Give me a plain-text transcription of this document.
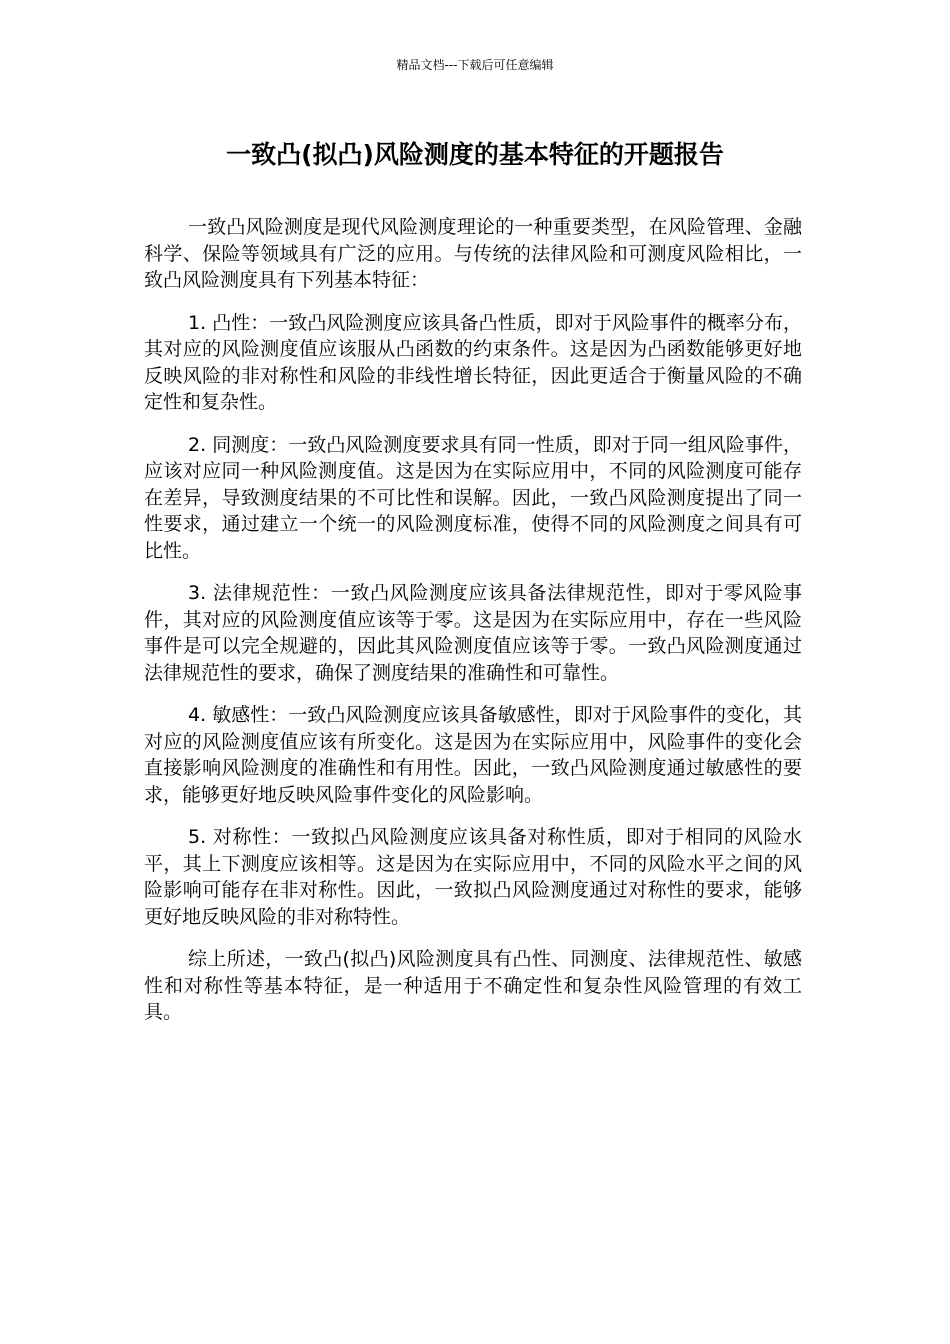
精品文档---下载后可任意编辑
一致凸(拟凸)风险测度的基本特征的开题报告

一致凸风险测度是现代风险测度理论的一种重要类型，在风险管理、金融科学、保险等领域具有广泛的应用。与传统的法律风险和可测度风险相比，一致凸风险测度具有下列基本特征：

1. 凸性：一致凸风险测度应该具备凸性质，即对于风险事件的概率分布，其对应的风险测度值应该服从凸函数的约束条件。这是因为凸函数能够更好地反映风险的非对称性和风险的非线性增长特征，因此更适合于衡量风险的不确定性和复杂性。

2. 同测度：一致凸风险测度要求具有同一性质，即对于同一组风险事件，应该对应同一种风险测度值。这是因为在实际应用中，不同的风险测度可能存在差异，导致测度结果的不可比性和误解。因此，一致凸风险测度提出了同一性要求，通过建立一个统一的风险测度标准，使得不同的风险测度之间具有可比性。

3. 法律规范性：一致凸风险测度应该具备法律规范性，即对于零风险事件，其对应的风险测度值应该等于零。这是因为在实际应用中，存在一些风险事件是可以完全规避的，因此其风险测度值应该等于零。一致凸风险测度通过法律规范性的要求，确保了测度结果的准确性和可靠性。

4. 敏感性：一致凸风险测度应该具备敏感性，即对于风险事件的变化，其对应的风险测度值应该有所变化。这是因为在实际应用中，风险事件的变化会直接影响风险测度的准确性和有用性。因此，一致凸风险测度通过敏感性的要求，能够更好地反映风险事件变化的风险影响。

5. 对称性：一致拟凸风险测度应该具备对称性质，即对于相同的风险水平，其上下测度应该相等。这是因为在实际应用中，不同的风险水平之间的风险影响可能存在非对称性。因此，一致拟凸风险测度通过对称性的要求，能够更好地反映风险的非对称特性。

综上所述，一致凸(拟凸)风险测度具有凸性、同测度、法律规范性、敏感性和对称性等基本特征，是一种适用于不确定性和复杂性风险管理的有效工具。
